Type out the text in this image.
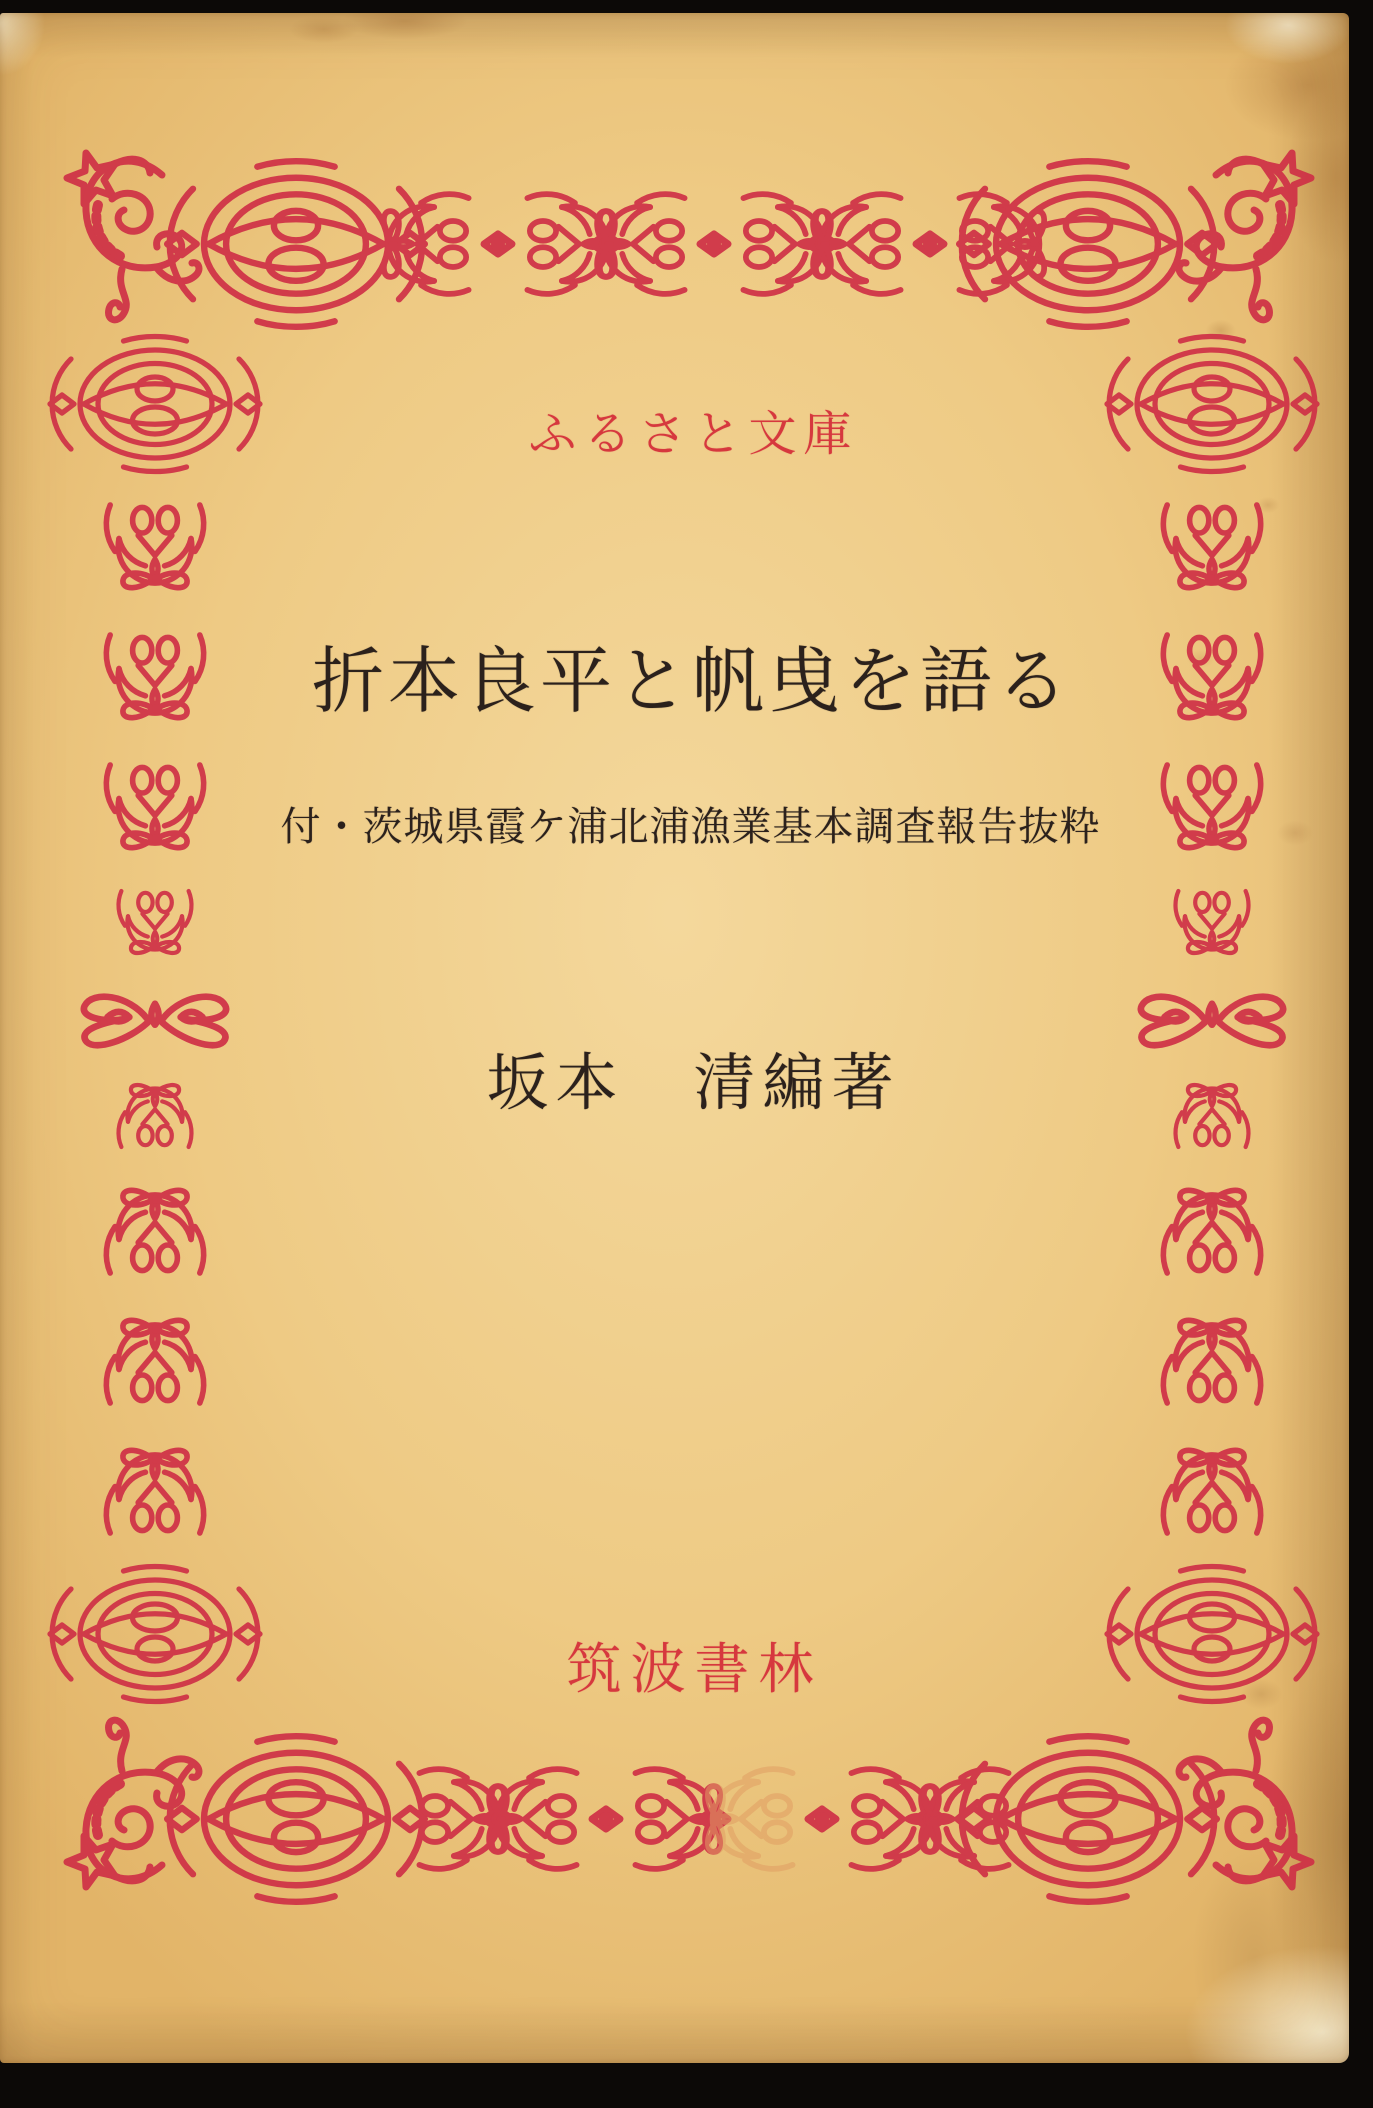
ふるさと文庫
折本良平と帆曵を語る
付・茨城県霞ケ浦北浦漁業基本調査報告抜粋
坂本　清編著
筑波書林
